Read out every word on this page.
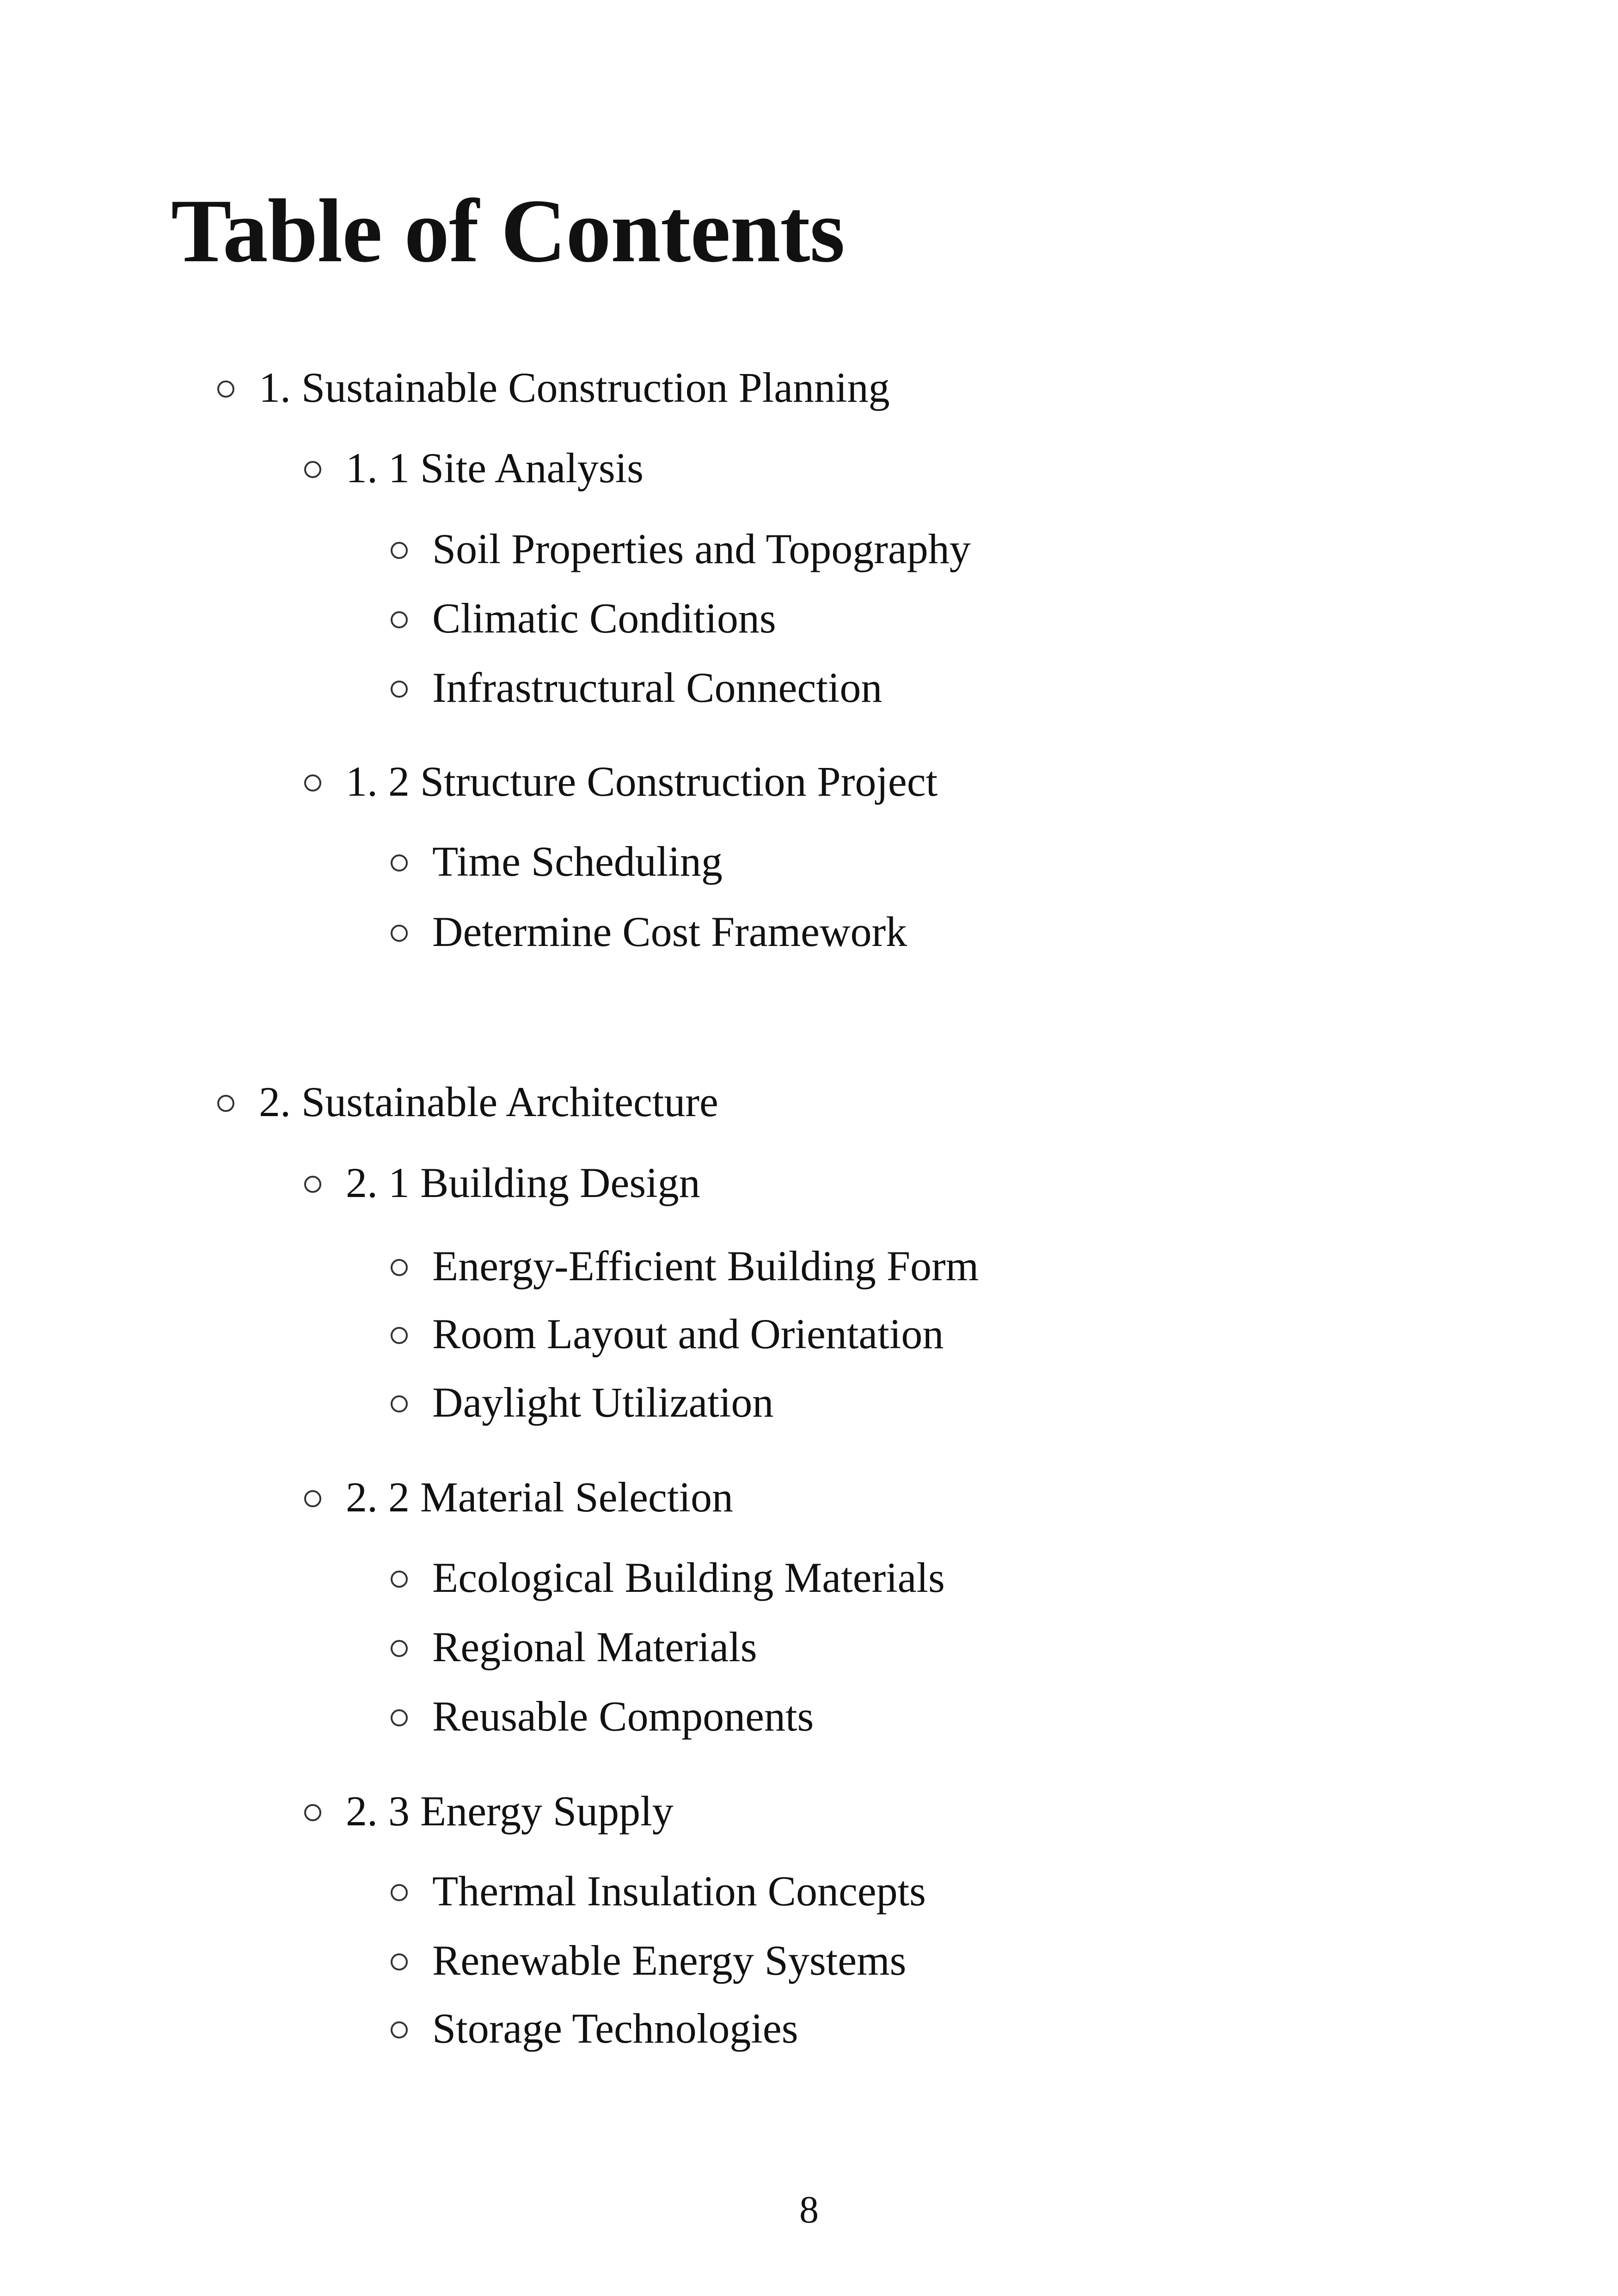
Table of Contents
1. Sustainable Construction Planning
1. 1 Site Analysis
Soil Properties and Topography
Climatic Conditions
Infrastructural Connection
1. 2 Structure Construction Project
Time Scheduling
Determine Cost Framework
2. Sustainable Architecture
2. 1 Building Design
Energy-Efficient Building Form
Room Layout and Orientation
Daylight Utilization
2. 2 Material Selection
Ecological Building Materials
Regional Materials
Reusable Components
2. 3 Energy Supply
Thermal Insulation Concepts
Renewable Energy Systems
Storage Technologies
8
